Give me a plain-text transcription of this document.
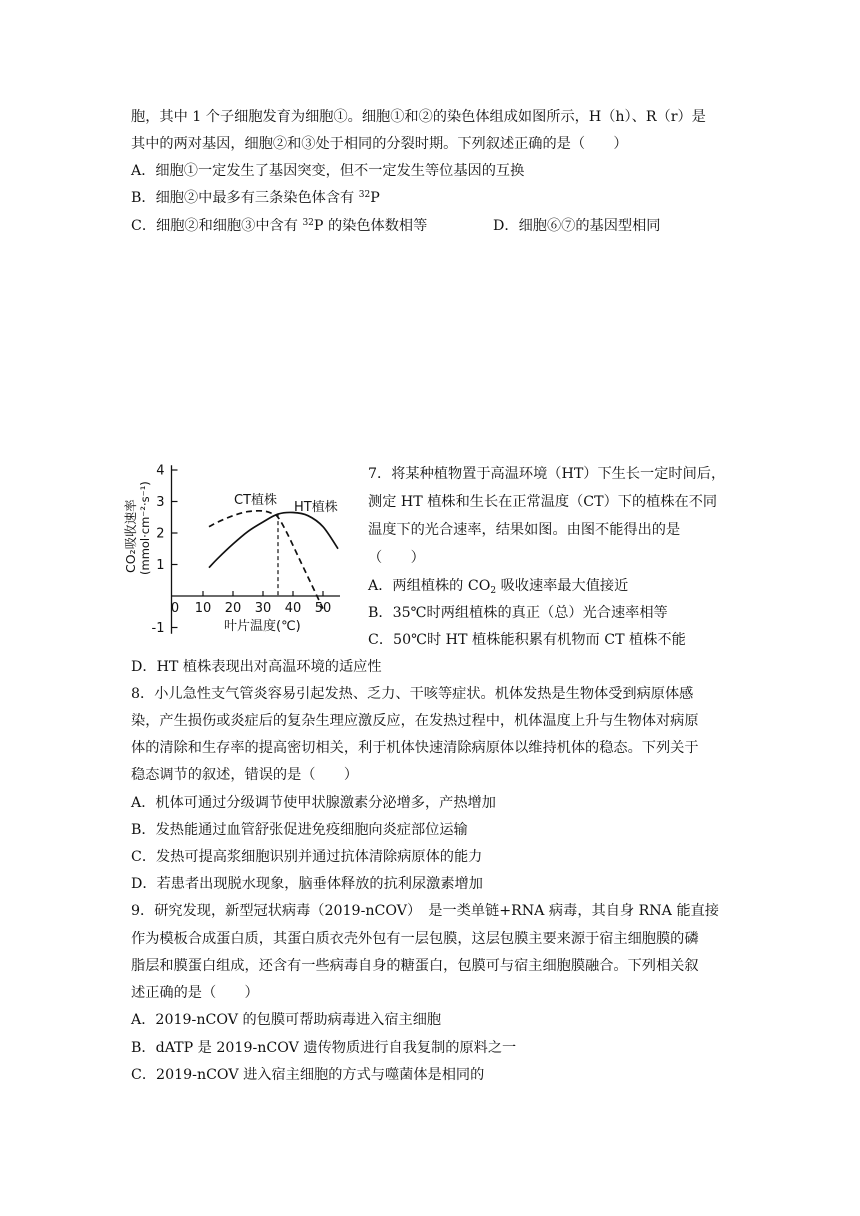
胞，其中 1 个子细胞发育为细胞①。细胞①和②的染色体组成如图所示，H（h）、R（r）是
其中的两对基因，细胞②和③处于相同的分裂时期。下列叙述正确的是（　　）
A．细胞①一定发生了基因突变，但不一定发生等位基因的互换
B．细胞②中最多有三条染色体含有 $^{32}$P
C．细胞②和细胞③中含有 $^{32}$P 的染色体数相等	D．细胞⑥⑦的基因型相同
-1
1
2
3
4
0 10 20 30 40 50
CT植株 HT植株
叶片温度(℃)
CO₂吸收速率 (mmol·cm⁻²·s⁻¹)
7．将某种植物置于高温环境（HT）下生长一定时间后，
测定 HT 植株和生长在正常温度（CT）下的植株在不同
温度下的光合速率，结果如图。由图不能得出的是
（　　）
A．两组植株的 $CO_2$ 吸收速率最大值接近
B．35℃时两组植株的真正（总）光合速率相等
C．50℃时 HT 植株能积累有机物而 CT 植株不能
D．HT 植株表现出对高温环境的适应性
8．小儿急性支气管炎容易引起发热、乏力、干咳等症状。机体发热是生物体受到病原体感
染，产生损伤或炎症后的复杂生理应激反应，在发热过程中，机体温度上升与生物体对病原
体的清除和生存率的提高密切相关，利于机体快速清除病原体以维持机体的稳态。下列关于
稳态调节的叙述，错误的是（　　）
A．机体可通过分级调节使甲状腺激素分泌增多，产热增加
B．发热能通过血管舒张促进免疫细胞向炎症部位运输
C．发热可提高浆细胞识别并通过抗体清除病原体的能力
D．若患者出现脱水现象，脑垂体释放的抗利尿激素增加
9．研究发现，新型冠状病毒（2019-nCOV）　是一类单链+RNA 病毒，其自身 RNA 能直接
作为模板合成蛋白质，其蛋白质衣壳外包有一层包膜，这层包膜主要来源于宿主细胞膜的磷
脂层和膜蛋白组成，还含有一些病毒自身的糖蛋白，包膜可与宿主细胞膜融合。下列相关叙
述正确的是（　　）
A．2019-nCOV 的包膜可帮助病毒进入宿主细胞
B．dATP 是 2019-nCOV 遗传物质进行自我复制的原料之一
C．2019-nCOV 进入宿主细胞的方式与噬菌体是相同的
